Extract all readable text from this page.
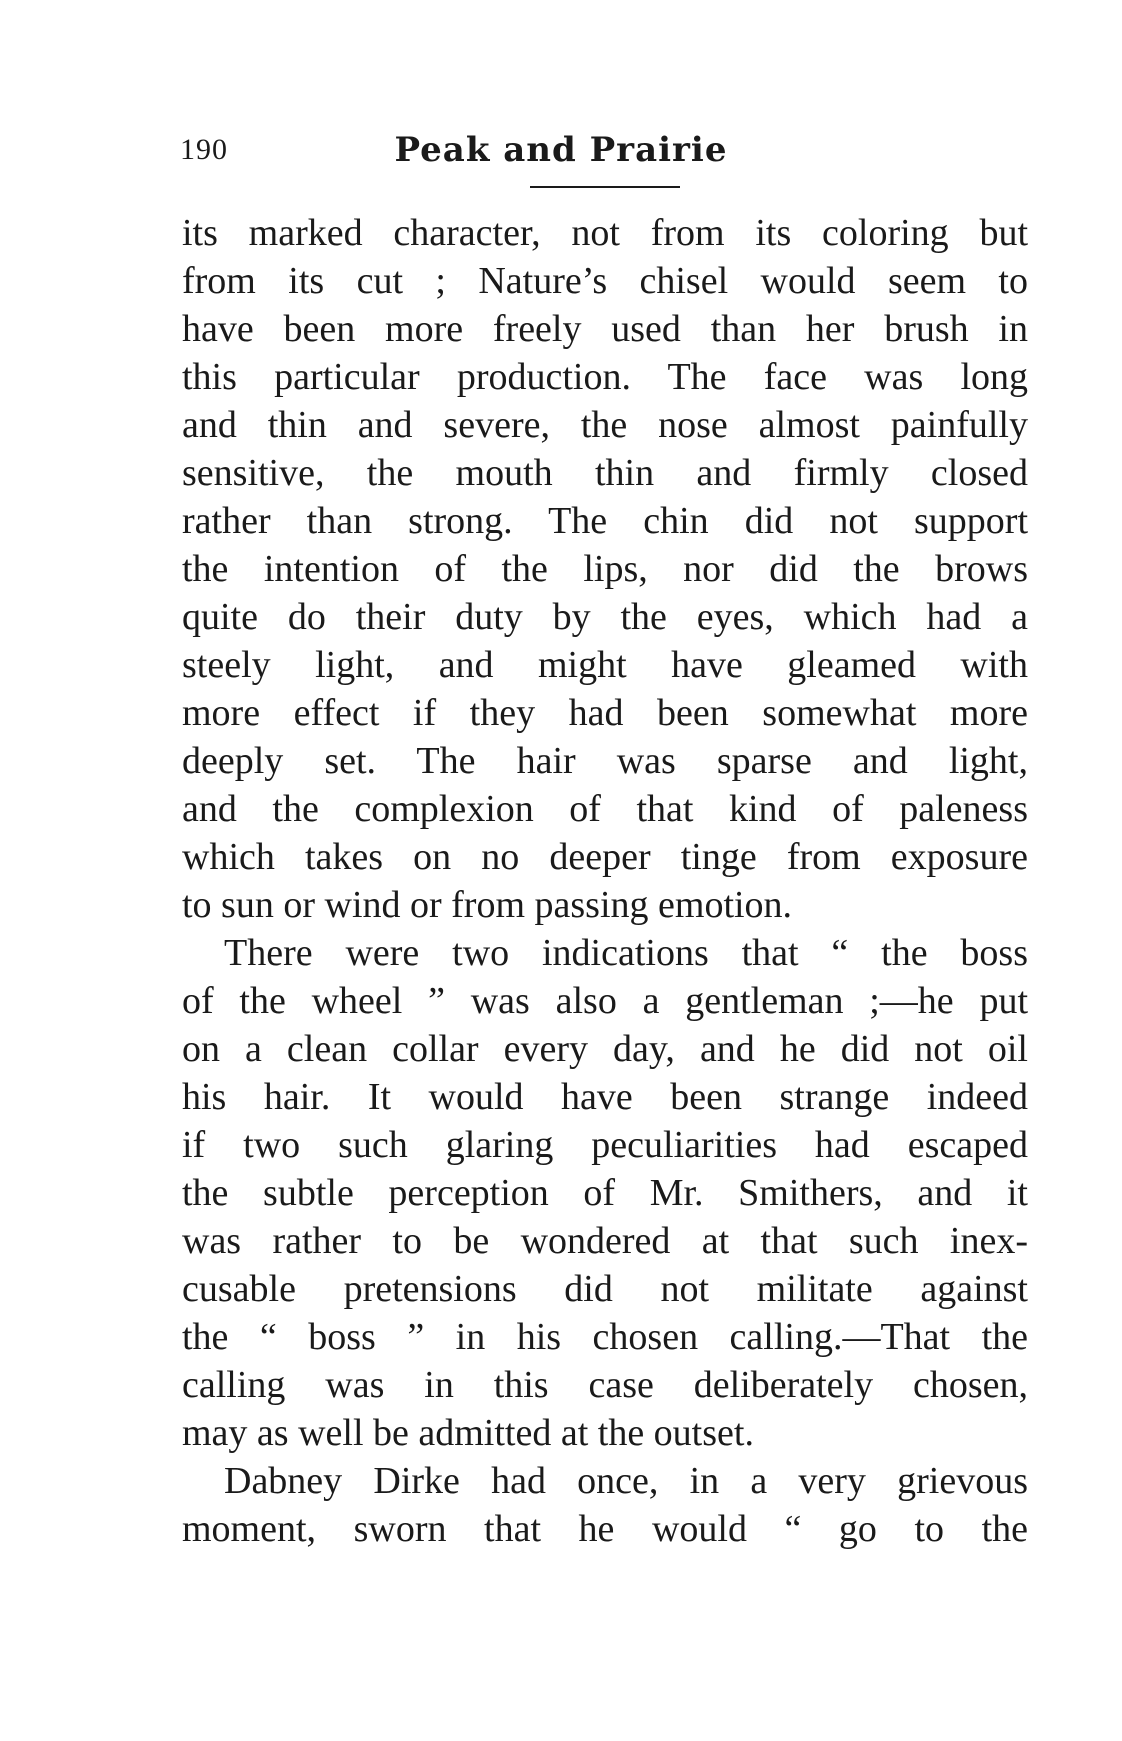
190	Peak and Prairie
its marked character, not from its coloring but
from its cut ; Nature’s chisel would seem to
have been more freely used than her brush in
this particular production. The face was long
and thin and severe, the nose almost painfully
sensitive, the mouth thin and firmly closed
rather than strong. The chin did not support
the intention of the lips, nor did the brows
quite do their duty by the eyes, which had a
steely light, and might have gleamed with
more effect if they had been somewhat more
deeply set. The hair was sparse and light,
and the complexion of that kind of paleness
which takes on no deeper tinge from exposure
to sun or wind or from passing emotion.
There were two indications that “ the boss
of the wheel ” was also a gentleman ;—he put
on a clean collar every day, and he did not oil
his hair. It would have been strange indeed
if two such glaring peculiarities had escaped
the subtle perception of Mr. Smithers, and it
was rather to be wondered at that such inex-
cusable pretensions did not militate against
the “ boss ” in his chosen calling.—That the
calling was in this case deliberately chosen,
may as well be admitted at the outset.
Dabney Dirke had once, in a very grievous
moment, sworn that he would “ go to the
